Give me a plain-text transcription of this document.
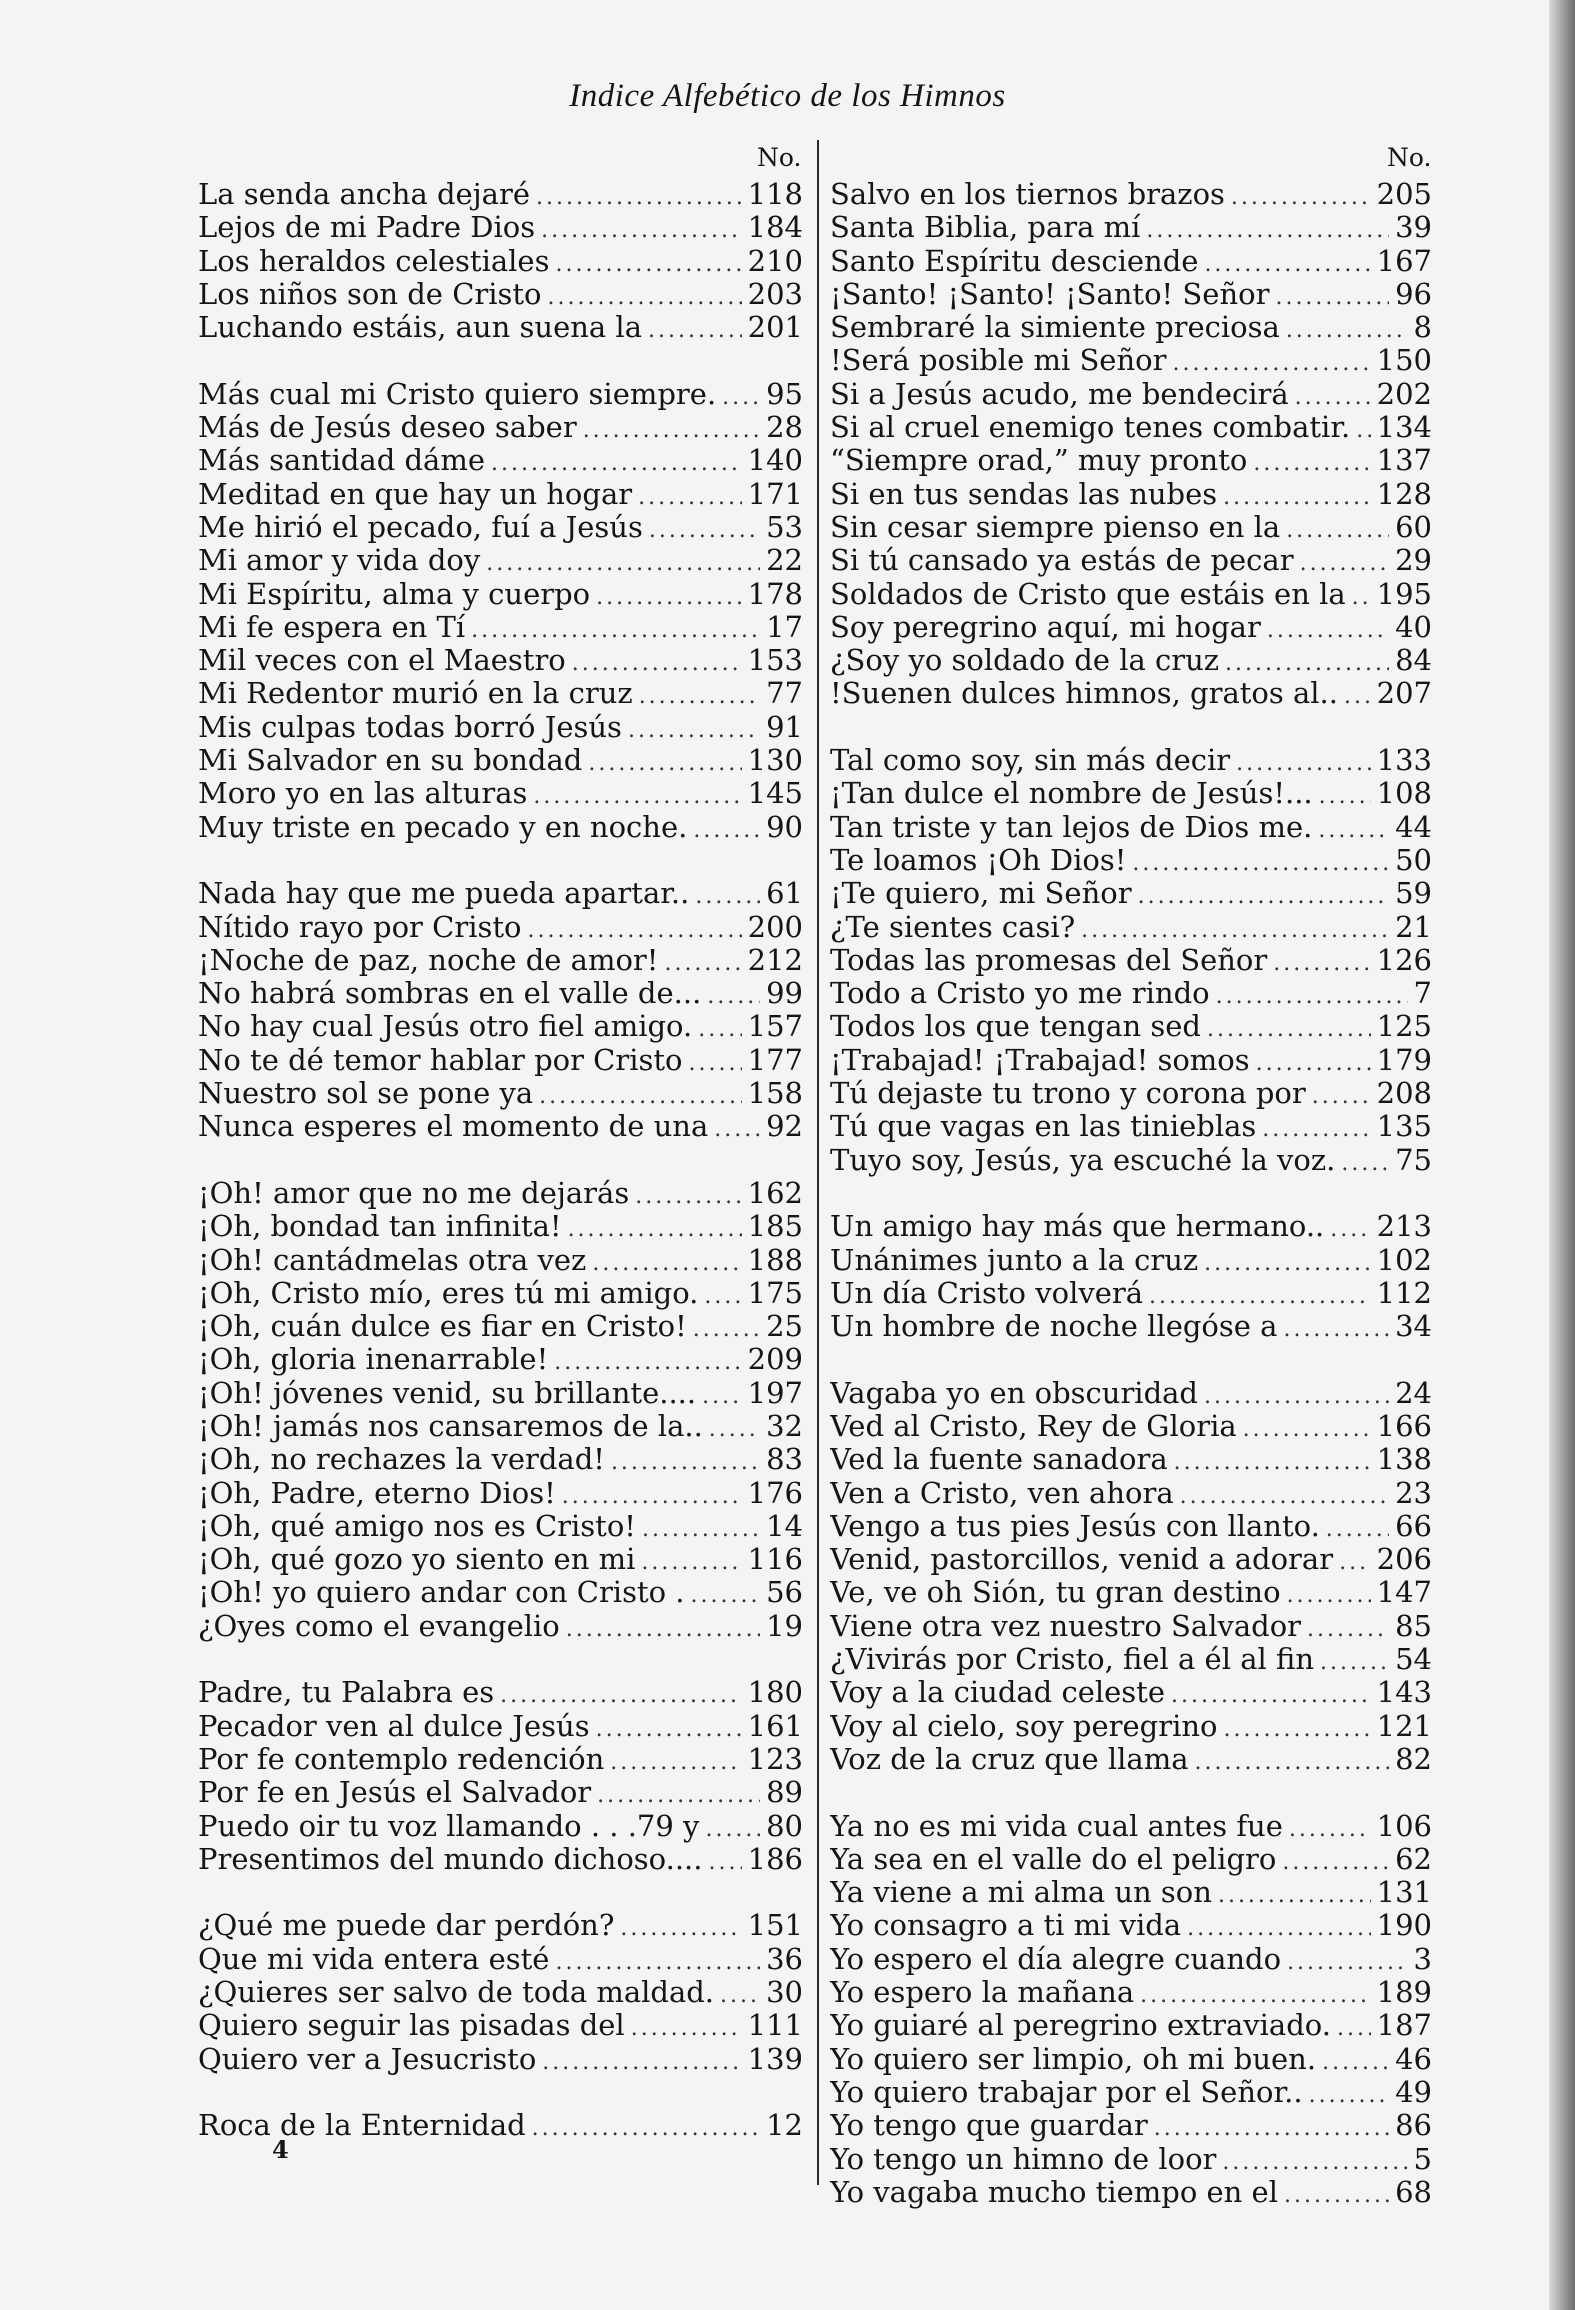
Indice Alfebético de los Himnos
No.	No.
La senda ancha dejaré .....	118
Lejos de mi Padre Dios .....	184
Los heraldos celestiales .....	210
Los niños son de Cristo .....	203
Luchando estáis, aun suena la .....	201
Más cual mi Cristo quiero siempre. ..... 95
Más de Jesús deseo saber .....	28
Más santidad dáme .....	140
Meditad en que hay un hogar .....	171
Me hirió el pecado, fuí a Jesús .....	53
Mi amor y vida doy .....	22
Mi Espíritu, alma y cuerpo .....	178
Mi fe espera en Tí .....	17
Mil veces con el Maestro .....	153
Mi Redentor murió en la cruz .....	77
Mis culpas todas borró Jesús .....	91
Mi Salvador en su bondad .....	130
Moro yo en las alturas .....	145
Muy triste en pecado y en noche. .....	90
Nada hay que me pueda apartar.. .....	61
Nítido rayo por Cristo .....	200
¡Noche de paz, noche de amor! .....	212
No habrá sombras en el valle de... ..... 99
No hay cual Jesús otro fiel amigo. ..... 157
No te dé temor hablar por Cristo ..... 177
Nuestro sol se pone ya .....	158
Nunca esperes el momento de una ..... 92
¡Oh! amor que no me dejarás .....	162
¡Oh, bondad tan infinita! .....	185
¡Oh! cantádmelas otra vez .....	188
¡Oh, Cristo mío, eres tú mi amigo. ..... 175
¡Oh, cuán dulce es fiar en Cristo! .....	25
¡Oh, gloria inenarrable! .....	209
¡Oh! jóvenes venid, su brillante.... ..... 197
¡Oh! jamás nos cansaremos de la.. ..... 32
¡Oh, no rechazes la verdad! .....	83
¡Oh, Padre, eterno Dios! .....	176
¡Oh, qué amigo nos es Cristo! .....	14
¡Oh, qué gozo yo siento en mi .....	116
¡Oh! yo quiero andar con Cristo . .....	56
¿Oyes como el evangelio .....	19
Padre, tu Palabra es .....	180
Pecador ven al dulce Jesús .....	161
Por fe contemplo redención .....	123
Por fe en Jesús el Salvador .....	89
Puedo oir tu voz llamando . . .79 y ..... 80
Presentimos del mundo dichoso.... ..... 186
¿Qué me puede dar perdón? .....	151
Que mi vida entera esté .....	36
¿Quieres ser salvo de toda maldad. ..... 30
Quiero seguir las pisadas del .....	111
Quiero ver a Jesucristo .....	139
Roca de la Enternidad .....	12
Salvo en los tiernos brazos .....	205
Santa Biblia, para mí .....	39
Santo Espíritu desciende .....	167
¡Santo! ¡Santo! ¡Santo! Señor .....	96
Sembraré la simiente preciosa .....	8
!Será posible mi Señor .....	150
Si a Jesús acudo, me bendecirá .....	202
Si al cruel enemigo tenes combatir. ..... 134
“Siempre orad,” muy pronto .....	137
Si en tus sendas las nubes .....	128
Sin cesar siempre pienso en la .....	60
Si tú cansado ya estás de pecar .....	29
Soldados de Cristo que estáis en la ..... 195
Soy peregrino aquí, mi hogar .....	40
¿Soy yo soldado de la cruz .....	84
!Suenen dulces himnos, gratos al.. ..... 207
Tal como soy, sin más decir .....	133
¡Tan dulce el nombre de Jesús!... ..... 108
Tan triste y tan lejos de Dios me. .....	44
Te loamos ¡Oh Dios! .....	50
¡Te quiero, mi Señor .....	59
¿Te sientes casi? .....	21
Todas las promesas del Señor .....	126
Todo a Cristo yo me rindo .....	7
Todos los que tengan sed .....	125
¡Trabajad! ¡Trabajad! somos .....	179
Tú dejaste tu trono y corona por ..... 208
Tú que vagas en las tinieblas .....	135
Tuyo soy, Jesús, ya escuché la voz. ..... 75
Un amigo hay más que hermano.. ..... 213
Unánimes junto a la cruz .....	102
Un día Cristo volverá .....	112
Un hombre de noche llegóse a .....	34
Vagaba yo en obscuridad .....	24
Ved al Cristo, Rey de Gloria .....	166
Ved la fuente sanadora .....	138
Ven a Cristo, ven ahora .....	23
Vengo a tus pies Jesús con llanto. .....	66
Venid, pastorcillos, venid a adorar ..... 206
Ve, ve oh Sión, tu gran destino .....	147
Viene otra vez nuestro Salvador .....	85
¿Vivirás por Cristo, fiel a él al fin .....	54
Voy a la ciudad celeste .....	143
Voy al cielo, soy peregrino .....	121
Voz de la cruz que llama .....	82
Ya no es mi vida cual antes fue .....	106
Ya sea en el valle do el peligro .....	62
Ya viene a mi alma un son .....	131
Yo consagro a ti mi vida .....	190
Yo espero el día alegre cuando .....	3
Yo espero la mañana .....	189
Yo guiaré al peregrino extraviado. ..... 187
Yo quiero ser limpio, oh mi buen. .....	46
Yo quiero trabajar por el Señor.. .....	49
Yo tengo que guardar .....	86
Yo tengo un himno de loor .....	5
Yo vagaba mucho tiempo en el .....	68
4
